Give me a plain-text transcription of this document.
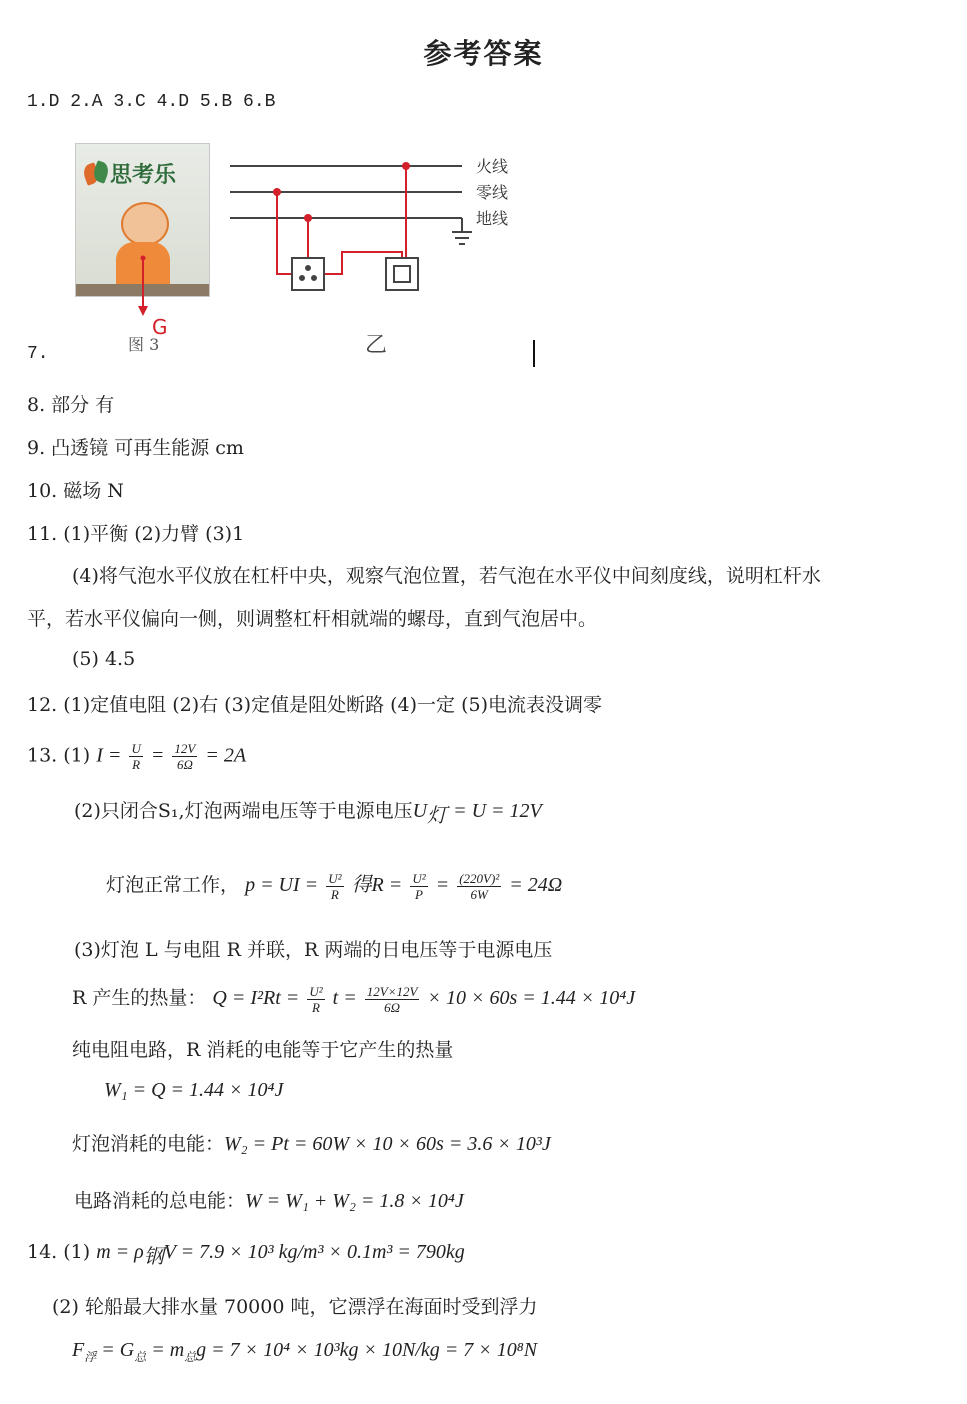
参考答案
1.D 2.A 3.C 4.D 5.B 6.B
思考乐	火线
零线
地线
G
图 3	乙
7.
8. 部分 有
9. 凸透镜 可再生能源 cm
10. 磁场 N
11. (1)平衡 (2)力臂 (3)1
(4)将气泡水平仪放在杠杆中央，观察气泡位置，若气泡在水平仪中间刻度线，说明杠杆水
平，若水平仪偏向一侧，则调整杠杆相就端的螺母，直到气泡居中。
(5) 4.5
12. (1)定值电阻 (2)右 (3)定值是阻处断路 (4)一定 (5)电流表没调零
13. (1) $I = \frac{U}{R} = \frac{12V}{6\Omega} = 2A$
(2)只闭合S₁,灯泡两端电压等于电源电压$U_灯 = U = 12V$
灯泡正常工作， p = UI = $\frac{\text{U²}}{R}$ 得$R = \frac{\text{U²}}{P} = \frac{\text{(220V)²}}{6W} = 24\Omega$
(3)灯泡 L 与电阻 R 并联，R 两端的日电压等于电源电压
R 产生的热量： $Q = I^2Rt = \frac{\text{U²}}{R}$ $t = \frac{12V\times 12V}{6\Omega} \times 10 \times 60s = 1.44 \times 10^4J$
纯电阻电路，R 消耗的电能等于它产生的热量
W₁ = Q = 1.44 × 10⁴J
灯泡消耗的电能：W₂ = Pt = 60W × 10 × 60s = 3.6 × 10³J
电路消耗的总电能：W = W₁ + W₂ = 1.8 × 10⁴J
14. (1) $m = \rho_钢V = 7.9 \times 10^3$ kg/m³ × 0.1m³ = 790kg
(2) 轮船最大排水量 70000 吨，它漂浮在海面时受到浮力
$F_浮 = G_总 = m_总g = 7 \times 10^4 \times 10^3kg \times 10N/kg = 7 \times 10^8N$
